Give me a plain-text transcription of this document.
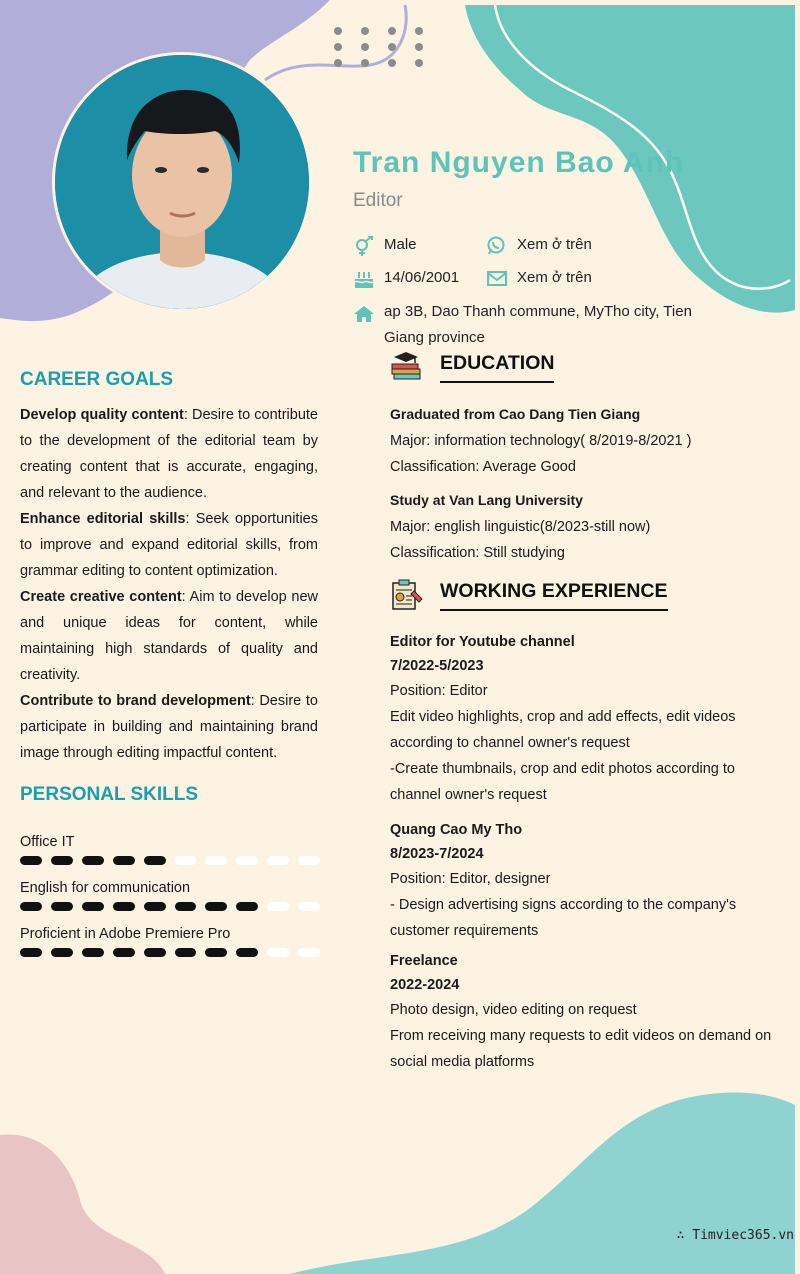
Tran Nguyen Bao Anh
Editor
Male	Xem ở trên
14/06/2001	Xem ở trên
ap 3B, Dao Thanh commune, MyTho city, Tien Giang province
CAREER GOALS

Develop quality content: Desire to contribute to the development of the editorial team by creating content that is accurate, engaging, and relevant to the audience.

Enhance editorial skills: Seek opportunities to improve and expand editorial skills, from grammar editing to content optimization.

Create creative content: Aim to develop new and unique ideas for content, while maintaining high standards of quality and creativity.

Contribute to brand development: Desire to participate in building and maintaining brand image through editing impactful content.

PERSONAL SKILLS
Office IT
English for communication
Proficient in Adobe Premiere Pro
EDUCATION
Graduated from Cao Dang Tien Giang
Major: information technology( 8/2019-8/2021 )
Classification: Average Good
Study at Van Lang University
Major: english linguistic(8/2023-still now)
Classification: Still studying
WORKING EXPERIENCE
Editor for Youtube channel
7/2022-5/2023
Position: Editor
Edit video highlights, crop and add effects, edit videos according to channel owner's request
-Create thumbnails, crop and edit photos according to channel owner's request
Quang Cao My Tho
8/2023-7/2024
Position: Editor, designer
- Design advertising signs according to the company's customer requirements
Freelance
2022-2024
Photo design, video editing on request
From receiving many requests to edit videos on demand on social media platforms
∴ Timviec365.vn
